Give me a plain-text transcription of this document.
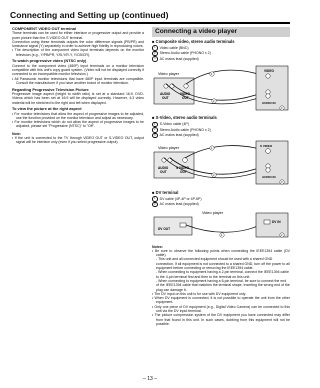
Connecting and Setting up (continued)
COMPONENT VIDEO OUT terminal
These terminals can be used for either interlace or progressive output and provide a purer picture than the S VIDEO OUT terminal.
Connection using these terminals outputs the color difference signals (PB/PR) and luminance signal (Y) separately in order to achieve high fidelity in reproducing colors.
• The description of the component video input terminals depends on the monitor television (e.g., Y/PB/PR, Y/B-Y/R-Y, Y/CB/CR).
To watch progressive video (NTSC only)
Connect to the component video (480P) input terminals on a monitor television compatible with this unit's copy guard system. (Video will not be displayed correctly if connected to an incompatible monitor television.)
• All Panasonic monitor televisions that have 480P input terminals are compatible. Consult the manufacturer if you have another brand of monitor television.
Regarding Progressive Television Picture
Progressive image aspect (height to width ratio) is set at a standard 16:9. DVD-Videos which has been set at 16:9 will be displayed correctly. However, 4:3 video material will be stretched to the right and left when displayed.
To view the picture at the right aspect
• For monitor televisions that allow the aspect of progressive images to be adjusted, use the function provided on the monitor television and adjust as necessary.
• For monitor televisions which do not allow the aspect of progressive images to be adjusted, please set "Progressive (NTSC)" to "Off".
Note:
• If the unit is connected to the TV through VIDEO OUT or S-VIDEO OUT, output signal will be interlace only (even if you select progressive output).
Connecting a video player
■ Composite video, stereo audio terminals
1	Video cable (BNC)
2	Stereo Audio cable (PHONO x 2)
3	AC mains lead (supplied)
Video player
AUDIO
OUT
VIDEO
OUT
VIDEO
AUDIO IN
1
2
3
■ S-Video, stereo audio terminals
1	S-Video cable (4P)
2	Stereo Audio cable (PHONO x 2)
3	AC mains lead (supplied)
Video player
AUDIO
OUT
S VIDEO
OUT
S VIDEO
AUDIO IN
1
2
3
■ DV terminal
1	DV cable (4P-4P or 4P-6P)
2	AC mains lead (supplied)
Video player
DV OUT
DV IN
1	2
Notes:
• Be sure to observe the following points when connecting the IEEE1394 cable (DV cable).
- This unit and all connected equipment should be used with a shared GND connection. If all equipment is not connected to a shared GND, turn off the power to all equipment before connecting or removing the IEEE1394 cable.
- When connecting to equipment having a 2-pin terminal, connect the IEEE1394 cable to the 4-pin terminal first and then to the terminal on this unit.
- When connecting to equipment having a 6-pin terminal, be sure to connect the end of the IEEE1394 cable that matches the terminal shape. Inserting the wrong end of the plug can damage it.
• The DV input on this unit is for use with DV equipment only.
• When DV equipment is connected, it is not possible to operate the unit from the other equipment.
• Only one piece of DV equipment (e.g., Digital Video Camera) can be connected to this unit via the DV input terminal.
• The picture compression system of the DV equipment you have connected may differ from that found in this unit. In such cases, dubbing from this equipment will not be possible.
– 13 –
